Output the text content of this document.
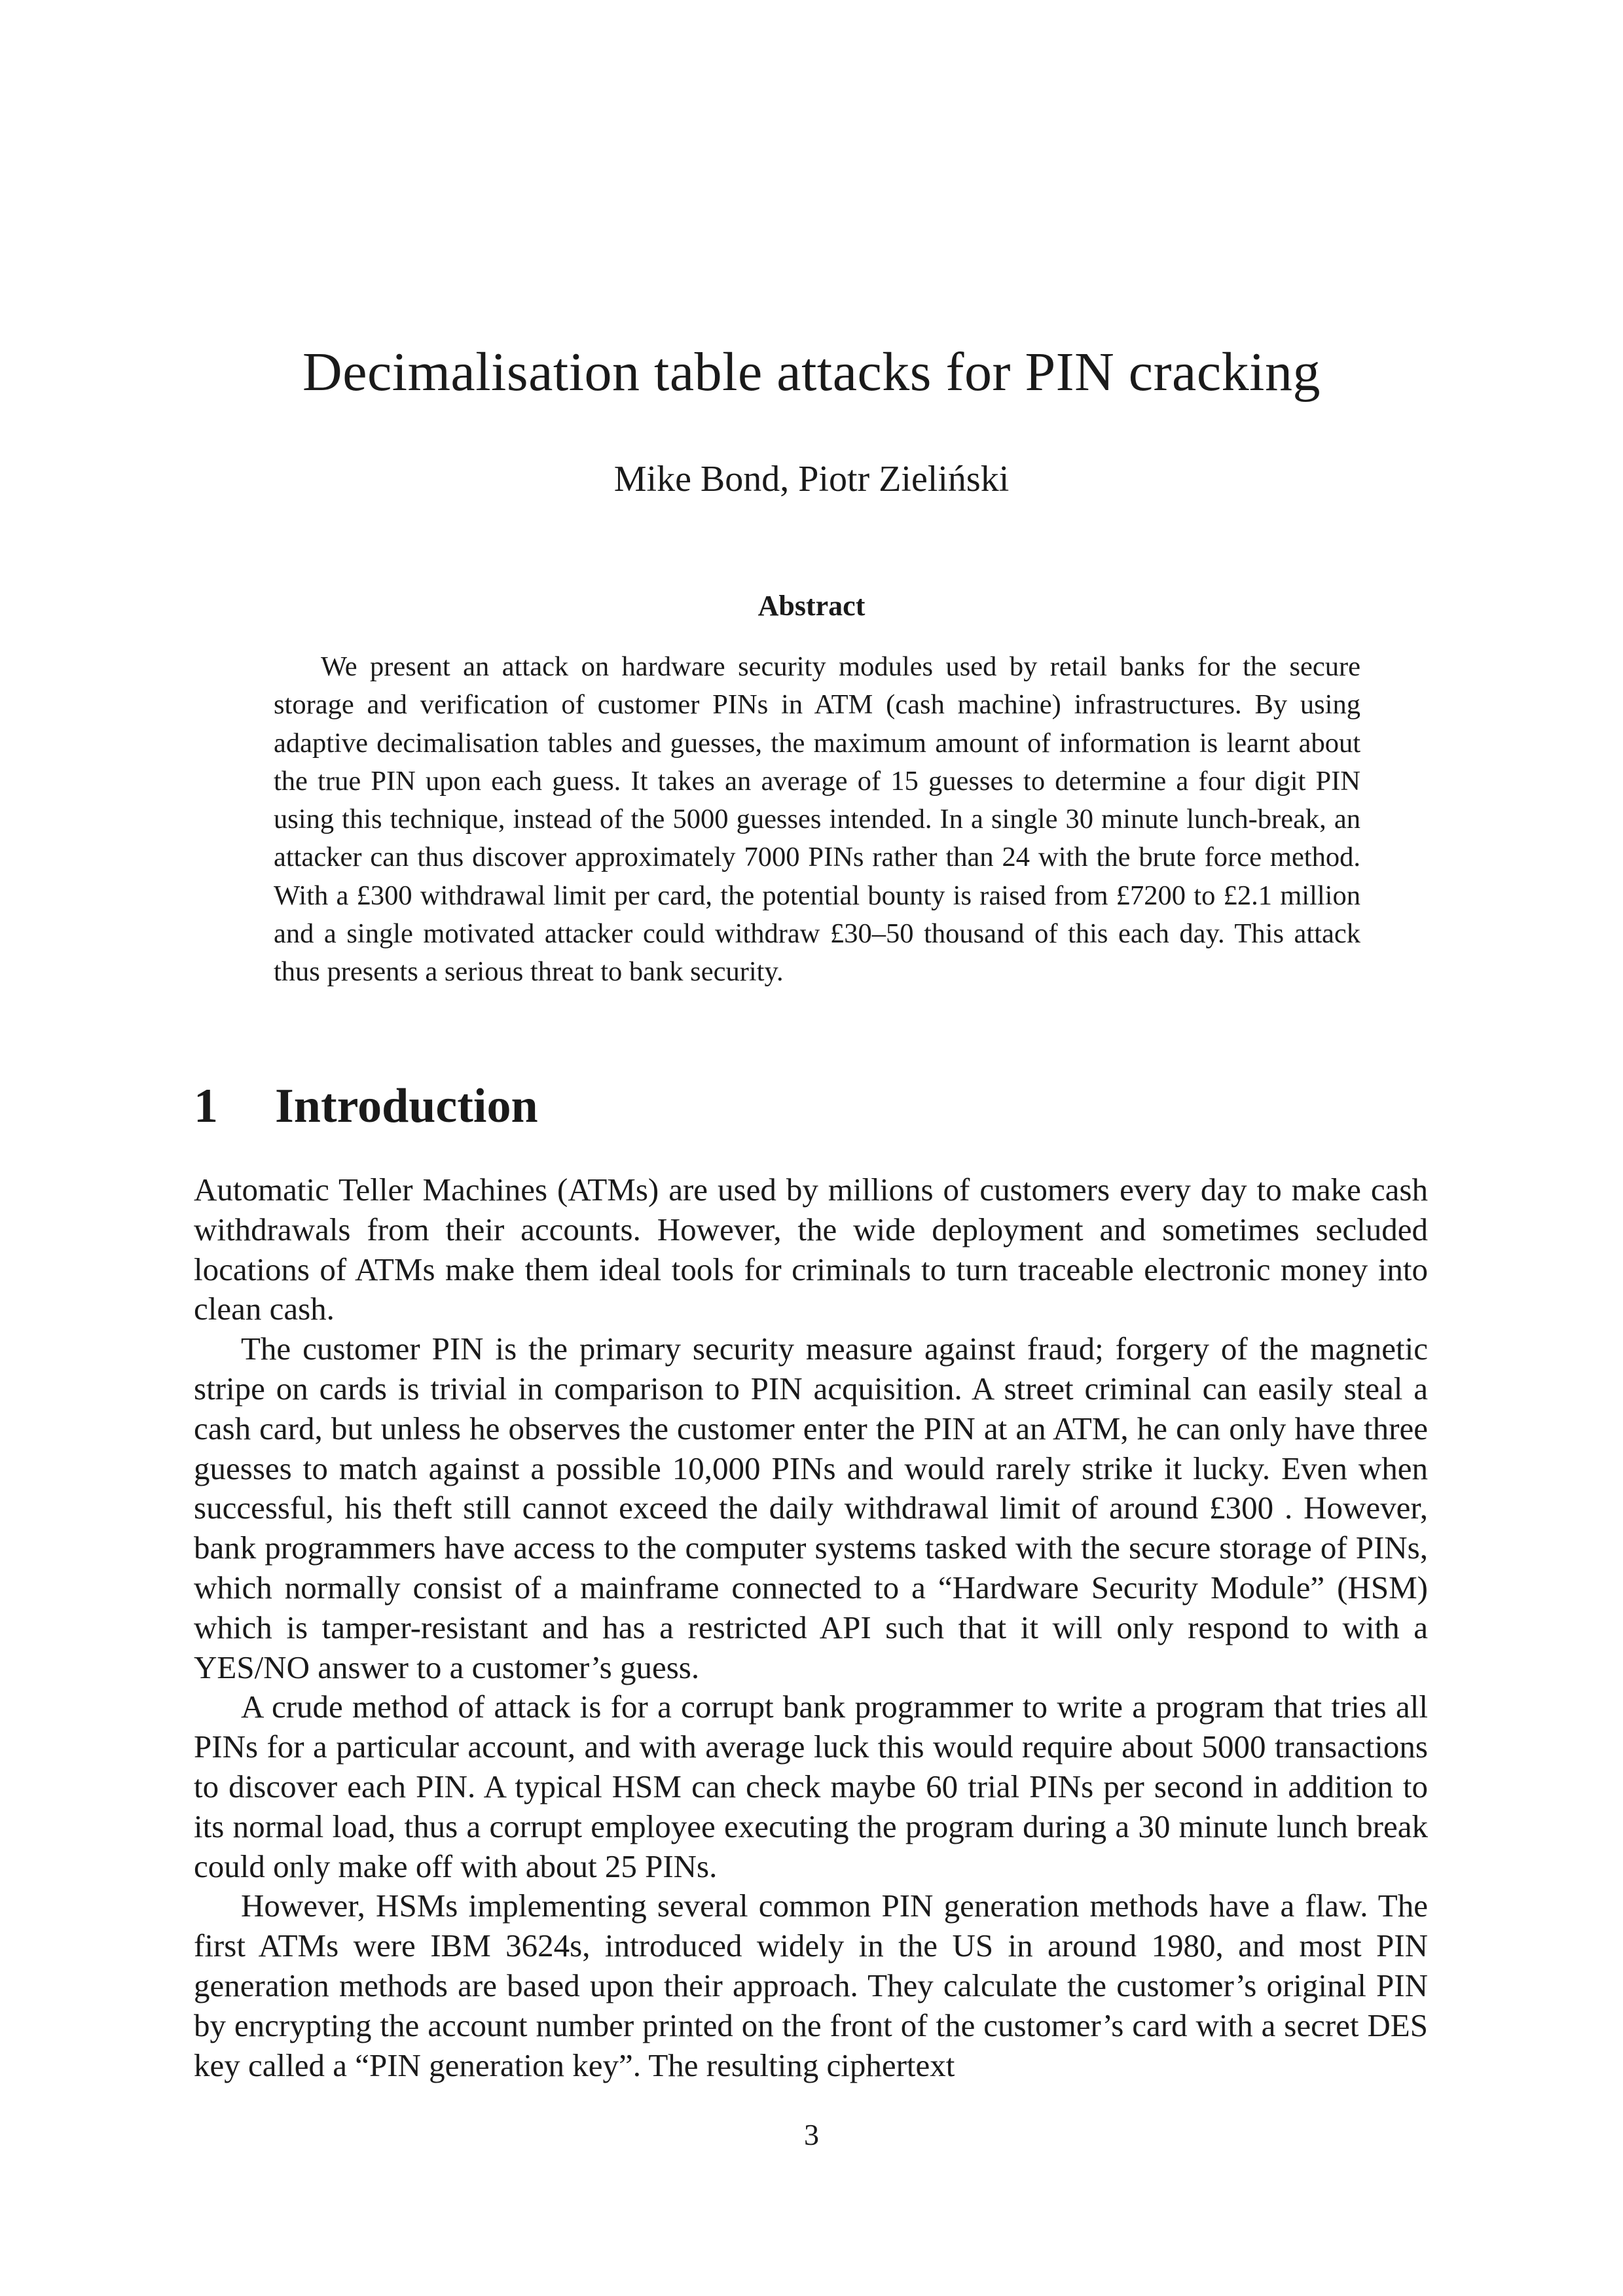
Decimalisation table attacks for PIN cracking
Mike Bond, Piotr Zieliński
Abstract

We present an attack on hardware security modules used by retail banks for the secure storage and verification of customer PINs in ATM (cash machine) infrastructures. By using adaptive decimalisation tables and guesses, the maximum amount of information is learnt about the true PIN upon each guess. It takes an average of 15 guesses to determine a four digit PIN using this technique, instead of the 5000 guesses intended. In a single 30 minute lunch-break, an attacker can thus discover approximately 7000 PINs rather than 24 with the brute force method. With a £300 withdrawal limit per card, the potential bounty is raised from £7200 to £2.1 million and a single motivated attacker could withdraw £30–50 thousand of this each day. This attack thus presents a serious threat to bank security.

1 Introduction

Automatic Teller Machines (ATMs) are used by millions of customers every day to make cash withdrawals from their accounts. However, the wide deployment and sometimes secluded locations of ATMs make them ideal tools for criminals to turn traceable electronic money into clean cash.

The customer PIN is the primary security measure against fraud; forgery of the magnetic stripe on cards is trivial in comparison to PIN acquisition. A street criminal can easily steal a cash card, but unless he observes the customer enter the PIN at an ATM, he can only have three guesses to match against a possible 10,000 PINs and would rarely strike it lucky. Even when successful, his theft still cannot exceed the daily withdrawal limit of around £300 . However, bank programmers have access to the computer systems tasked with the secure storage of PINs, which normally consist of a mainframe connected to a “Hardware Security Module” (HSM) which is tamper-resistant and has a restricted API such that it will only respond to with a YES/NO answer to a customer’s guess.

A crude method of attack is for a corrupt bank programmer to write a program that tries all PINs for a particular account, and with average luck this would require about 5000 transactions to discover each PIN. A typical HSM can check maybe 60 trial PINs per second in addition to its normal load, thus a corrupt employee executing the program during a 30 minute lunch break could only make off with about 25 PINs.

However, HSMs implementing several common PIN generation methods have a flaw. The first ATMs were IBM 3624s, introduced widely in the US in around 1980, and most PIN generation methods are based upon their approach. They calculate the customer’s original PIN by encrypting the account number printed on the front of the customer’s card with a secret DES key called a “PIN generation key”. The resulting ciphertext

3
